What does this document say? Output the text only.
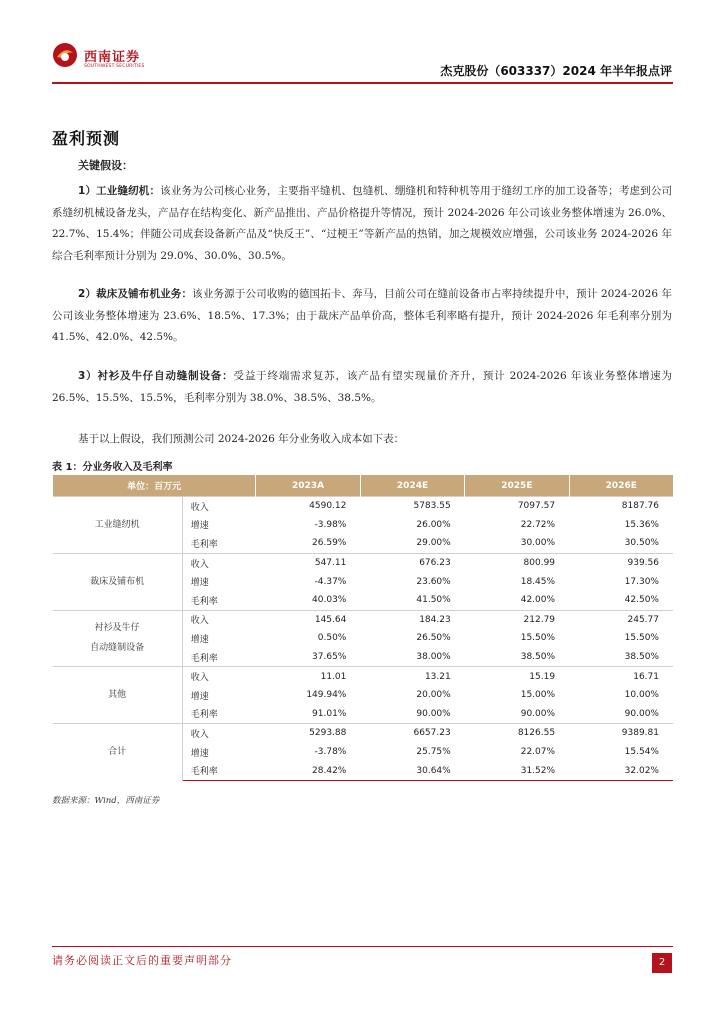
西南证券
SOUTHWEST SECURITIES	杰克股份（603337）2024 年半年报点评
盈利预测
关键假设：
1）工业缝纫机：该业务为公司核心业务，主要指平缝机、包缝机、绷缝机和特种机等用于缝纫工序的加工设备等；考虑到公司系缝纫机械设备龙头，产品存在结构变化、新产品推出、产品价格提升等情况，预计 2024-2026 年公司该业务整体增速为 26.0%、22.7%、15.4%；伴随公司成套设备新产品及“快反王”、“过梗王”等新产品的热销，加之规模效应增强，公司该业务 2024-2026 年综合毛利率预计分别为 29.0%、30.0%、30.5%。
2）裁床及铺布机业务：该业务源于公司收购的德国拓卡、奔马，目前公司在缝前设备市占率持续提升中，预计 2024-2026 年公司该业务整体增速为 23.6%、18.5%、17.3%；由于裁床产品单价高，整体毛利率略有提升，预计 2024-2026 年毛利率分别为 41.5%、42.0%、42.5%。
3）衬衫及牛仔自动缝制设备：受益于终端需求复苏，该产品有望实现量价齐升，预计 2024-2026 年该业务整体增速为 26.5%、15.5%、15.5%，毛利率分别为 38.0%、38.5%、38.5%。
基于以上假设，我们预测公司 2024-2026 年分业务收入成本如下表：
表 1：分业务收入及毛利率
单位：百万元		2023A	2024E	2025E	2026E
工业缝纫机	收入	4590.12	5783.55	7097.57	8187.76
	增速	-3.98%	26.00%	22.72%	15.36%
	毛利率	26.59%	29.00%	30.00%	30.50%
裁床及铺布机	收入	547.11	676.23	800.99	939.56
	增速	-4.37%	23.60%	18.45%	17.30%
	毛利率	40.03%	41.50%	42.00%	42.50%
衬衫及牛仔
自动缝制设备	收入	145.64	184.23	212.79	245.77
	增速	0.50%	26.50%	15.50%	15.50%
	毛利率	37.65%	38.00%	38.50%	38.50%
其他	收入	11.01	13.21	15.19	16.71
	增速	149.94%	20.00%	15.00%	10.00%
	毛利率	91.01%	90.00%	90.00%	90.00%
合计	收入	5293.88	6657.23	8126.55	9389.81
	增速	-3.78%	25.75%	22.07%	15.54%
	毛利率	28.42%	30.64%	31.52%	32.02%
数据来源：Wind，西南证券
请务必阅读正文后的重要声明部分	2
